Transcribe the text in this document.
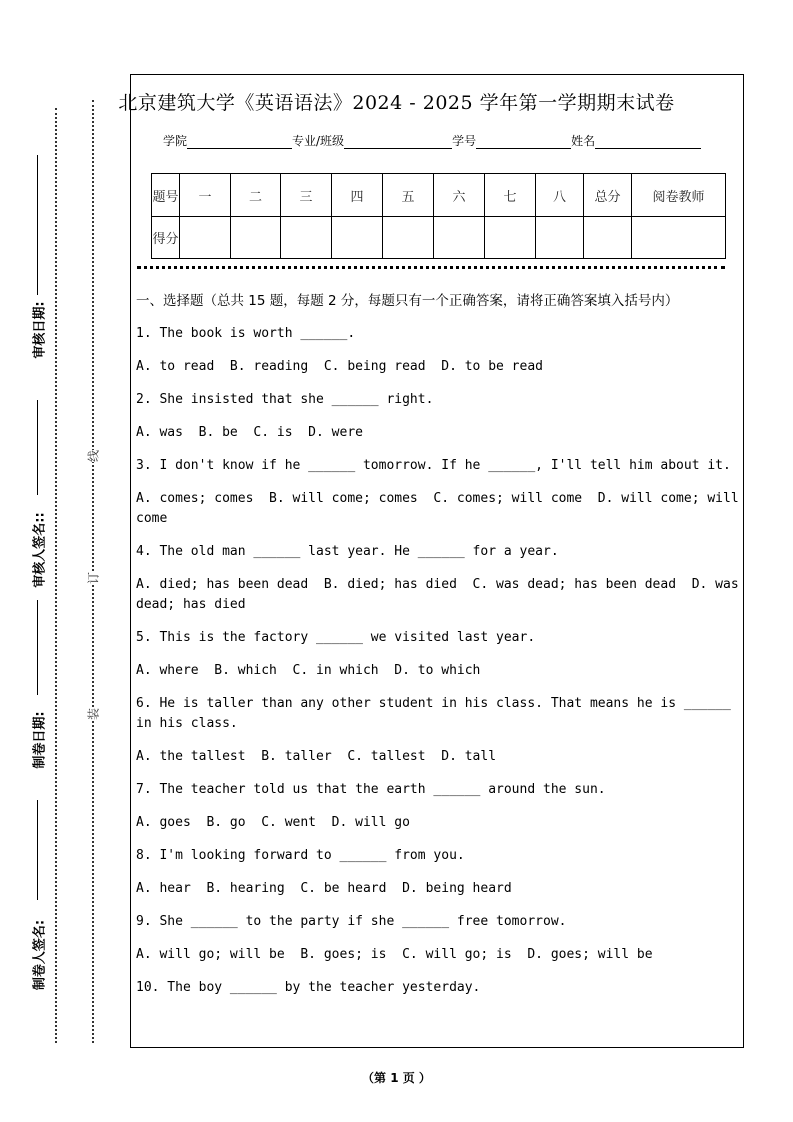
审核日期:
审核人签名::
制卷日期:
制卷人签名:
线
订
装
北京建筑大学《英语语法》2024 - 2025 学年第一学期期末试卷
学院	专业/班级	学号	姓名
题号	一	二	三	四	五	六	七	八	总分	阅卷教师
得分										
一、选择题（总共 15 题，每题 2 分，每题只有一个正确答案，请将正确答案填入括号内）

1. The book is worth ______.

A. to read  B. reading  C. being read  D. to be read

2. She insisted that she ______ right.

A. was  B. be  C. is  D. were

3. I don't know if he ______ tomorrow. If he ______, I'll tell him about it.

A. comes; comes  B. will come; comes  C. comes; will come  D. will come; will come

4. The old man ______ last year. He ______ for a year.

A. died; has been dead  B. died; has died  C. was dead; has been dead  D. was dead; has died

5. This is the factory ______ we visited last year.

A. where  B. which  C. in which  D. to which

6. He is taller than any other student in his class. That means he is ______ in his class.

A. the tallest  B. taller  C. tallest  D. tall

7. The teacher told us that the earth ______ around the sun.

A. goes  B. go  C. went  D. will go

8. I'm looking forward to ______ from you.

A. hear  B. hearing  C. be heard  D. being heard

9. She ______ to the party if she ______ free tomorrow.

A. will go; will be  B. goes; is  C. will go; is  D. goes; will be

10. The boy ______ by the teacher yesterday.

（第 1 页 ）
